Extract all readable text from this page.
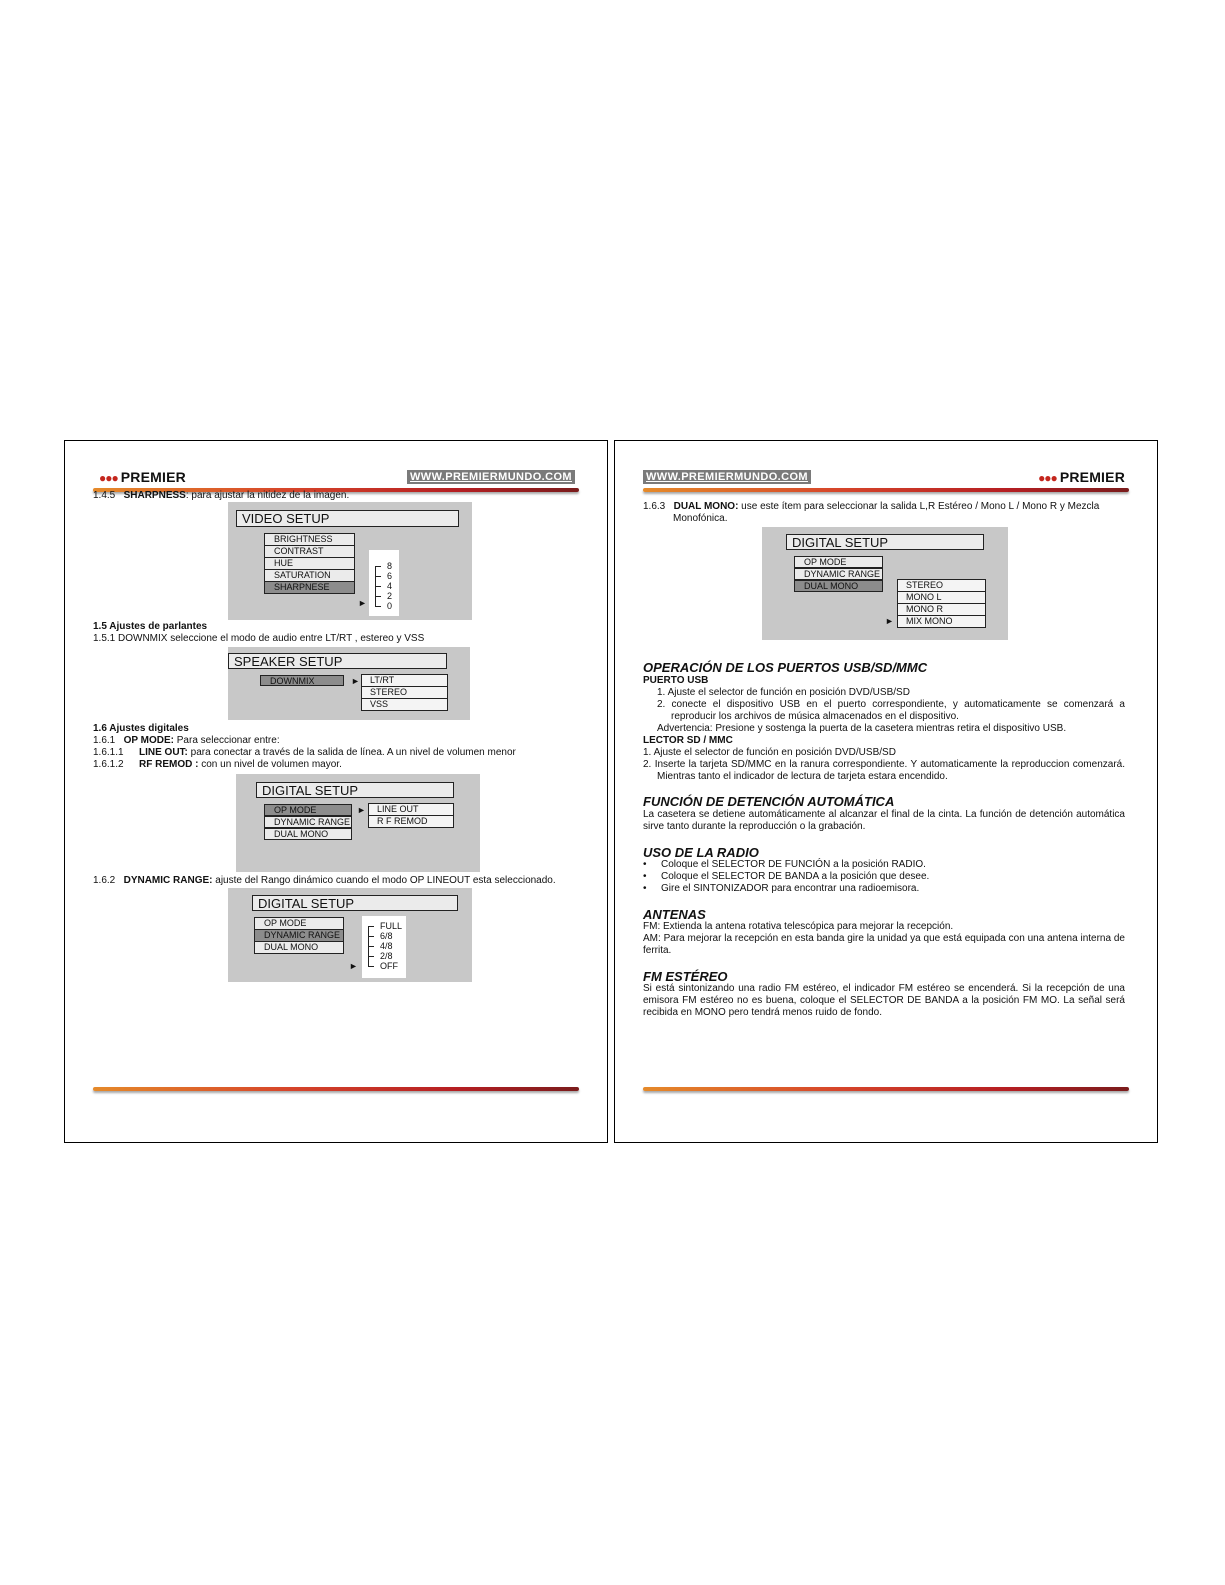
●●● PREMIER	WWW.PREMIERMUNDO.COM
1.4.5 SHARPNESS: para ajustar la nitidez de la imagen.
VIDEO SETUP
BRIGHTNESS
CONTRAST
HUE
SATURATION
SHARPNESE
8
6
4
2
0
►
1.5 Ajustes de parlantes
1.5.1 DOWNMIX seleccione el modo de audio entre LT/RT , estereo y VSS
SPEAKER SETUP
DOWNMIX	►	LT/RT
STEREO
VSS
1.6 Ajustes digitales
1.6.1 OP MODE: Para seleccionar entre:
1.6.1.1 LINE OUT: para conectar a través de la salida de línea. A un nivel de volumen menor
1.6.1.2 RF REMOD : con un nivel de volumen mayor.
DIGITAL SETUP
OP MODE
DYNAMIC RANGE
DUAL MONO
►	LINE OUT
R F REMOD
1.6.2 DYNAMIC RANGE: ajuste del Rango dinámico cuando el modo OP LINEOUT esta seleccionado.
DIGITAL SETUP
OP MODE
DYNAMIC RANGE
DUAL MONO
FULL
6/8
4/8
2/8
OFF
►
WWW.PREMIERMUNDO.COM	●●● PREMIER
1.6.3 DUAL MONO: use este ítem para seleccionar la salida L,R Estéreo / Mono L / Mono R y Mezcla
Monofónica.
DIGITAL SETUP
OP MODE
DYNAMIC RANGE
DUAL MONO	STEREO
MONO L
MONO R
MIX MONO
►
OPERACIÓN DE LOS PUERTOS USB/SD/MMC
PUERTO USB
1. Ajuste el selector de función en posición DVD/USB/SD
2. conecte el dispositivo USB en el puerto correspondiente, y automaticamente se comenzará a reproducir los archivos de música almacenados en el dispositivo.
Advertencia: Presione y sostenga la puerta de la casetera mientras retira el dispositivo USB.
LECTOR SD / MMC
1. Ajuste el selector de función en posición DVD/USB/SD
2. Inserte la tarjeta SD/MMC en la ranura correspondiente. Y automaticamente la reproduccion comenzará. Mientras tanto el indicador de lectura de tarjeta estara encendido.
FUNCIÓN DE DETENCIÓN AUTOMÁTICA
La casetera se detiene automáticamente al alcanzar el final de la cinta. La función de detención automática sirve tanto durante la reproducción o la grabación.
USO DE LA RADIO
• Coloque el SELECTOR DE FUNCIÓN a la posición RADIO.
• Coloque el SELECTOR DE BANDA a la posición que desee.
• Gire el SINTONIZADOR para encontrar una radioemisora.
ANTENAS
FM: Extienda la antena rotativa telescópica para mejorar la recepción.
AM: Para mejorar la recepción en esta banda gire la unidad ya que está equipada con una antena interna de ferrita.
FM ESTÉREO
Si está sintonizando una radio FM estéreo, el indicador FM estéreo se encenderá. Si la recepción de una emisora FM estéreo no es buena, coloque el SELECTOR DE BANDA a la posición FM MO. La señal será recibida en MONO pero tendrá menos ruido de fondo.
